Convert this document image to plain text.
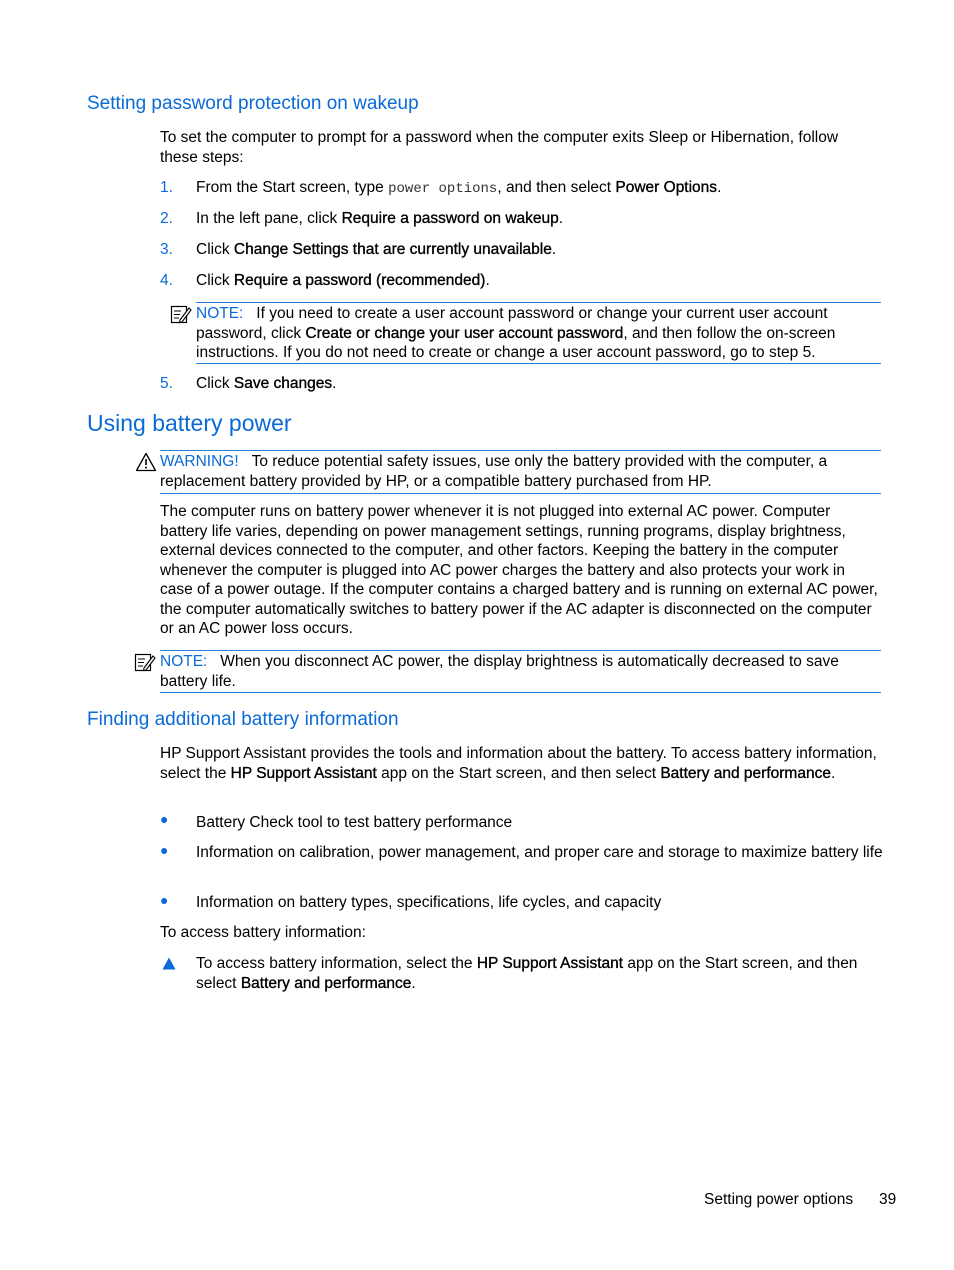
Setting password protection on wakeup
To set the computer to prompt for a password when the computer exits Sleep or Hibernation, follow these steps:
1. From the Start screen, type power options, and then select Power Options.
2. In the left pane, click Require a password on wakeup.
3. Click Change Settings that are currently unavailable.
4. Click Require a password (recommended).
NOTE: If you need to create a user account password or change your current user account password, click Create or change your user account password, and then follow the on-screen instructions. If you do not need to create or change a user account password, go to step 5.
5. Click Save changes.
Using battery power
WARNING! To reduce potential safety issues, use only the battery provided with the computer, a replacement battery provided by HP, or a compatible battery purchased from HP.
The computer runs on battery power whenever it is not plugged into external AC power. Computer battery life varies, depending on power management settings, running programs, display brightness, external devices connected to the computer, and other factors. Keeping the battery in the computer whenever the computer is plugged into AC power charges the battery and also protects your work in case of a power outage. If the computer contains a charged battery and is running on external AC power, the computer automatically switches to battery power if the AC adapter is disconnected on the computer or an AC power loss occurs.
NOTE: When you disconnect AC power, the display brightness is automatically decreased to save battery life.
Finding additional battery information
HP Support Assistant provides the tools and information about the battery. To access battery information, select the HP Support Assistant app on the Start screen, and then select Battery and performance.
● Battery Check tool to test battery performance
● Information on calibration, power management, and proper care and storage to maximize battery life
● Information on battery types, specifications, life cycles, and capacity
To access battery information:
To access battery information, select the HP Support Assistant app on the Start screen, and then select Battery and performance.
Setting power options 39
